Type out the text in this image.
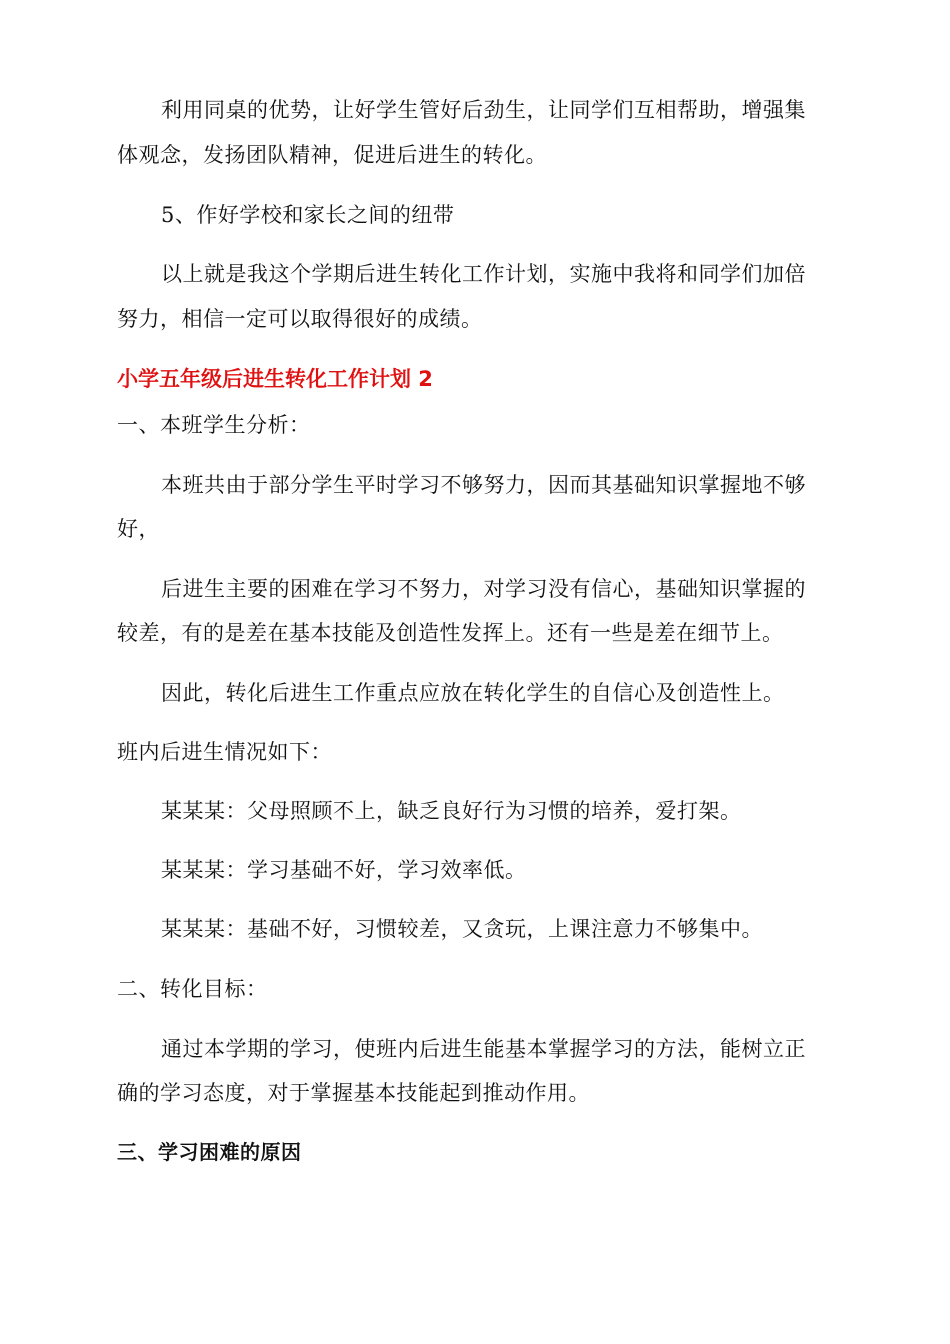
利用同桌的优势，让好学生管好后劲生，让同学们互相帮助，增强集
体观念，发扬团队精神，促进后进生的转化。
5、作好学校和家长之间的纽带
以上就是我这个学期后进生转化工作计划，实施中我将和同学们加倍
努力，相信一定可以取得很好的成绩。
小学五年级后进生转化工作计划 2
一、本班学生分析：
本班共由于部分学生平时学习不够努力，因而其基础知识掌握地不够
好，
后进生主要的困难在学习不努力，对学习没有信心，基础知识掌握的
较差，有的是差在基本技能及创造性发挥上。还有一些是差在细节上。
因此，转化后进生工作重点应放在转化学生的自信心及创造性上。
班内后进生情况如下：
某某某：父母照顾不上，缺乏良好行为习惯的培养，爱打架。
某某某：学习基础不好，学习效率低。
某某某：基础不好，习惯较差，又贪玩，上课注意力不够集中。
二、转化目标：
通过本学期的学习，使班内后进生能基本掌握学习的方法，能树立正
确的学习态度，对于掌握基本技能起到推动作用。
三、学习困难的原因
